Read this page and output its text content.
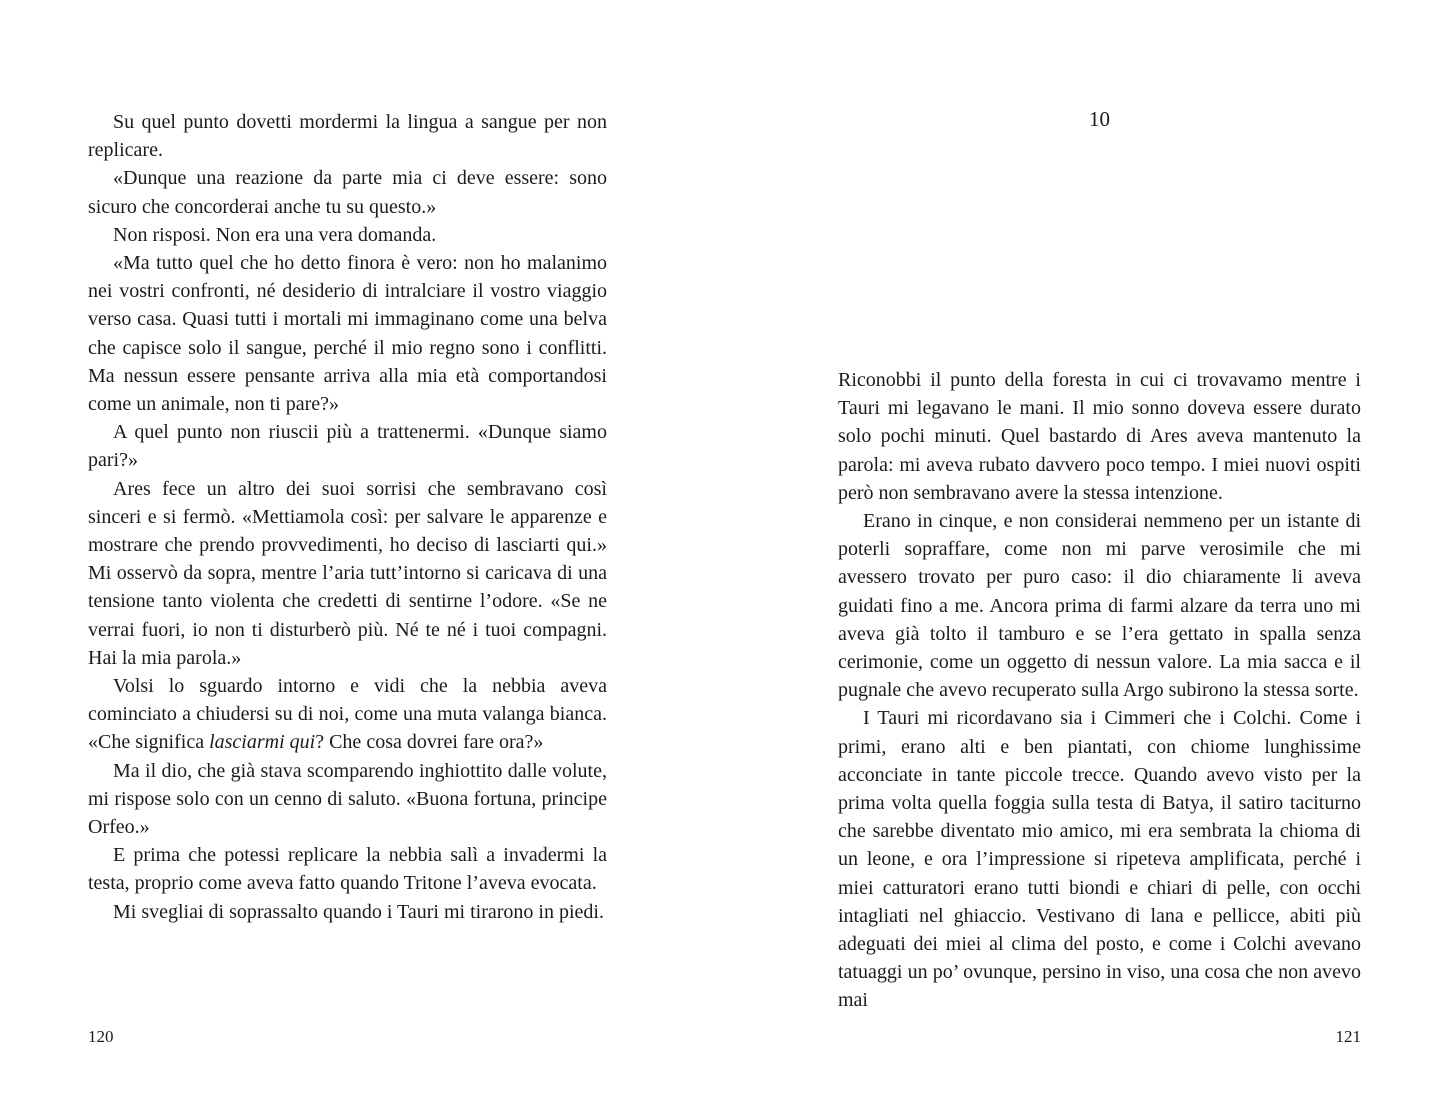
Su quel punto dovetti mordermi la lingua a sangue per non replicare.

«Dunque una reazione da parte mia ci deve essere: sono sicuro che concorderai anche tu su questo.»

Non risposi. Non era una vera domanda.

«Ma tutto quel che ho detto finora è vero: non ho malanimo nei vostri confronti, né desiderio di intralciare il vostro viaggio verso casa. Quasi tutti i mortali mi immaginano come una belva che capisce solo il sangue, perché il mio regno sono i conflitti. Ma nessun essere pensante arriva alla mia età comportandosi come un animale, non ti pare?»

A quel punto non riuscii più a trattenermi. «Dunque siamo pari?»

Ares fece un altro dei suoi sorrisi che sembravano così sinceri e si fermò. «Mettiamola così: per salvare le apparenze e mostrare che prendo provvedimenti, ho deciso di lasciarti qui.» Mi osservò da sopra, mentre l’aria tutt’intorno si caricava di una tensione tanto violenta che credetti di sentirne l’odore. «Se ne verrai fuori, io non ti disturberò più. Né te né i tuoi compagni. Hai la mia parola.»

Volsi lo sguardo intorno e vidi che la nebbia aveva cominciato a chiudersi su di noi, come una muta valanga bianca. «Che significa lasciarmi qui? Che cosa dovrei fare ora?»

Ma il dio, che già stava scomparendo inghiottito dalle volute, mi rispose solo con un cenno di saluto. «Buona fortuna, principe Orfeo.»

E prima che potessi replicare la nebbia salì a invadermi la testa, proprio come aveva fatto quando Tritone l’aveva evocata.

Mi svegliai di soprassalto quando i Tauri mi tirarono in piedi.

120
10

Riconobbi il punto della foresta in cui ci trovavamo mentre i Tauri mi legavano le mani. Il mio sonno doveva essere durato solo pochi minuti. Quel bastardo di Ares aveva mantenuto la parola: mi aveva rubato davvero poco tempo. I miei nuovi ospiti però non sembravano avere la stessa intenzione.

Erano in cinque, e non considerai nemmeno per un istante di poterli sopraffare, come non mi parve verosimile che mi avessero trovato per puro caso: il dio chiaramente li aveva guidati fino a me. Ancora prima di farmi alzare da terra uno mi aveva già tolto il tamburo e se l’era gettato in spalla senza cerimonie, come un oggetto di nessun valore. La mia sacca e il pugnale che avevo recuperato sulla Argo subirono la stessa sorte.

I Tauri mi ricordavano sia i Cimmeri che i Colchi. Come i primi, erano alti e ben piantati, con chiome lunghissime acconciate in tante piccole trecce. Quando avevo visto per la prima volta quella foggia sulla testa di Batya, il satiro taciturno che sarebbe diventato mio amico, mi era sembrata la chioma di un leone, e ora l’impressione si ripeteva amplificata, perché i miei catturatori erano tutti biondi e chiari di pelle, con occhi intagliati nel ghiaccio. Vestivano di lana e pellicce, abiti più adeguati dei miei al clima del posto, e come i Colchi avevano tatuaggi un po’ ovunque, persino in viso, una cosa che non avevo mai

121
